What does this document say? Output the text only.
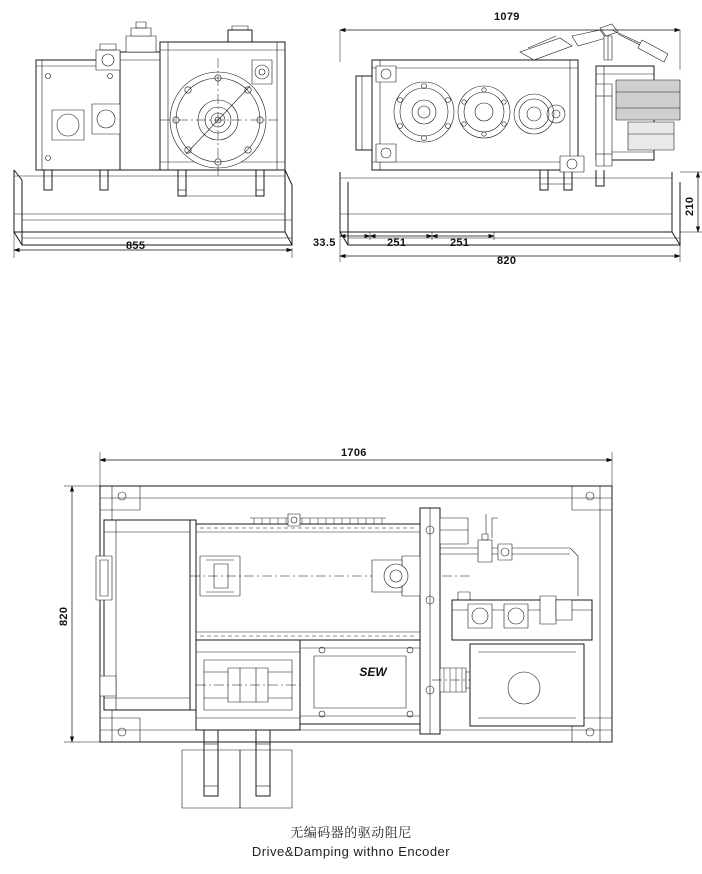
855
1079
820
33.5	251	251
210
1706
820
SEW
无编码器的驱动阻尼
Drive&Damping withno Encoder
